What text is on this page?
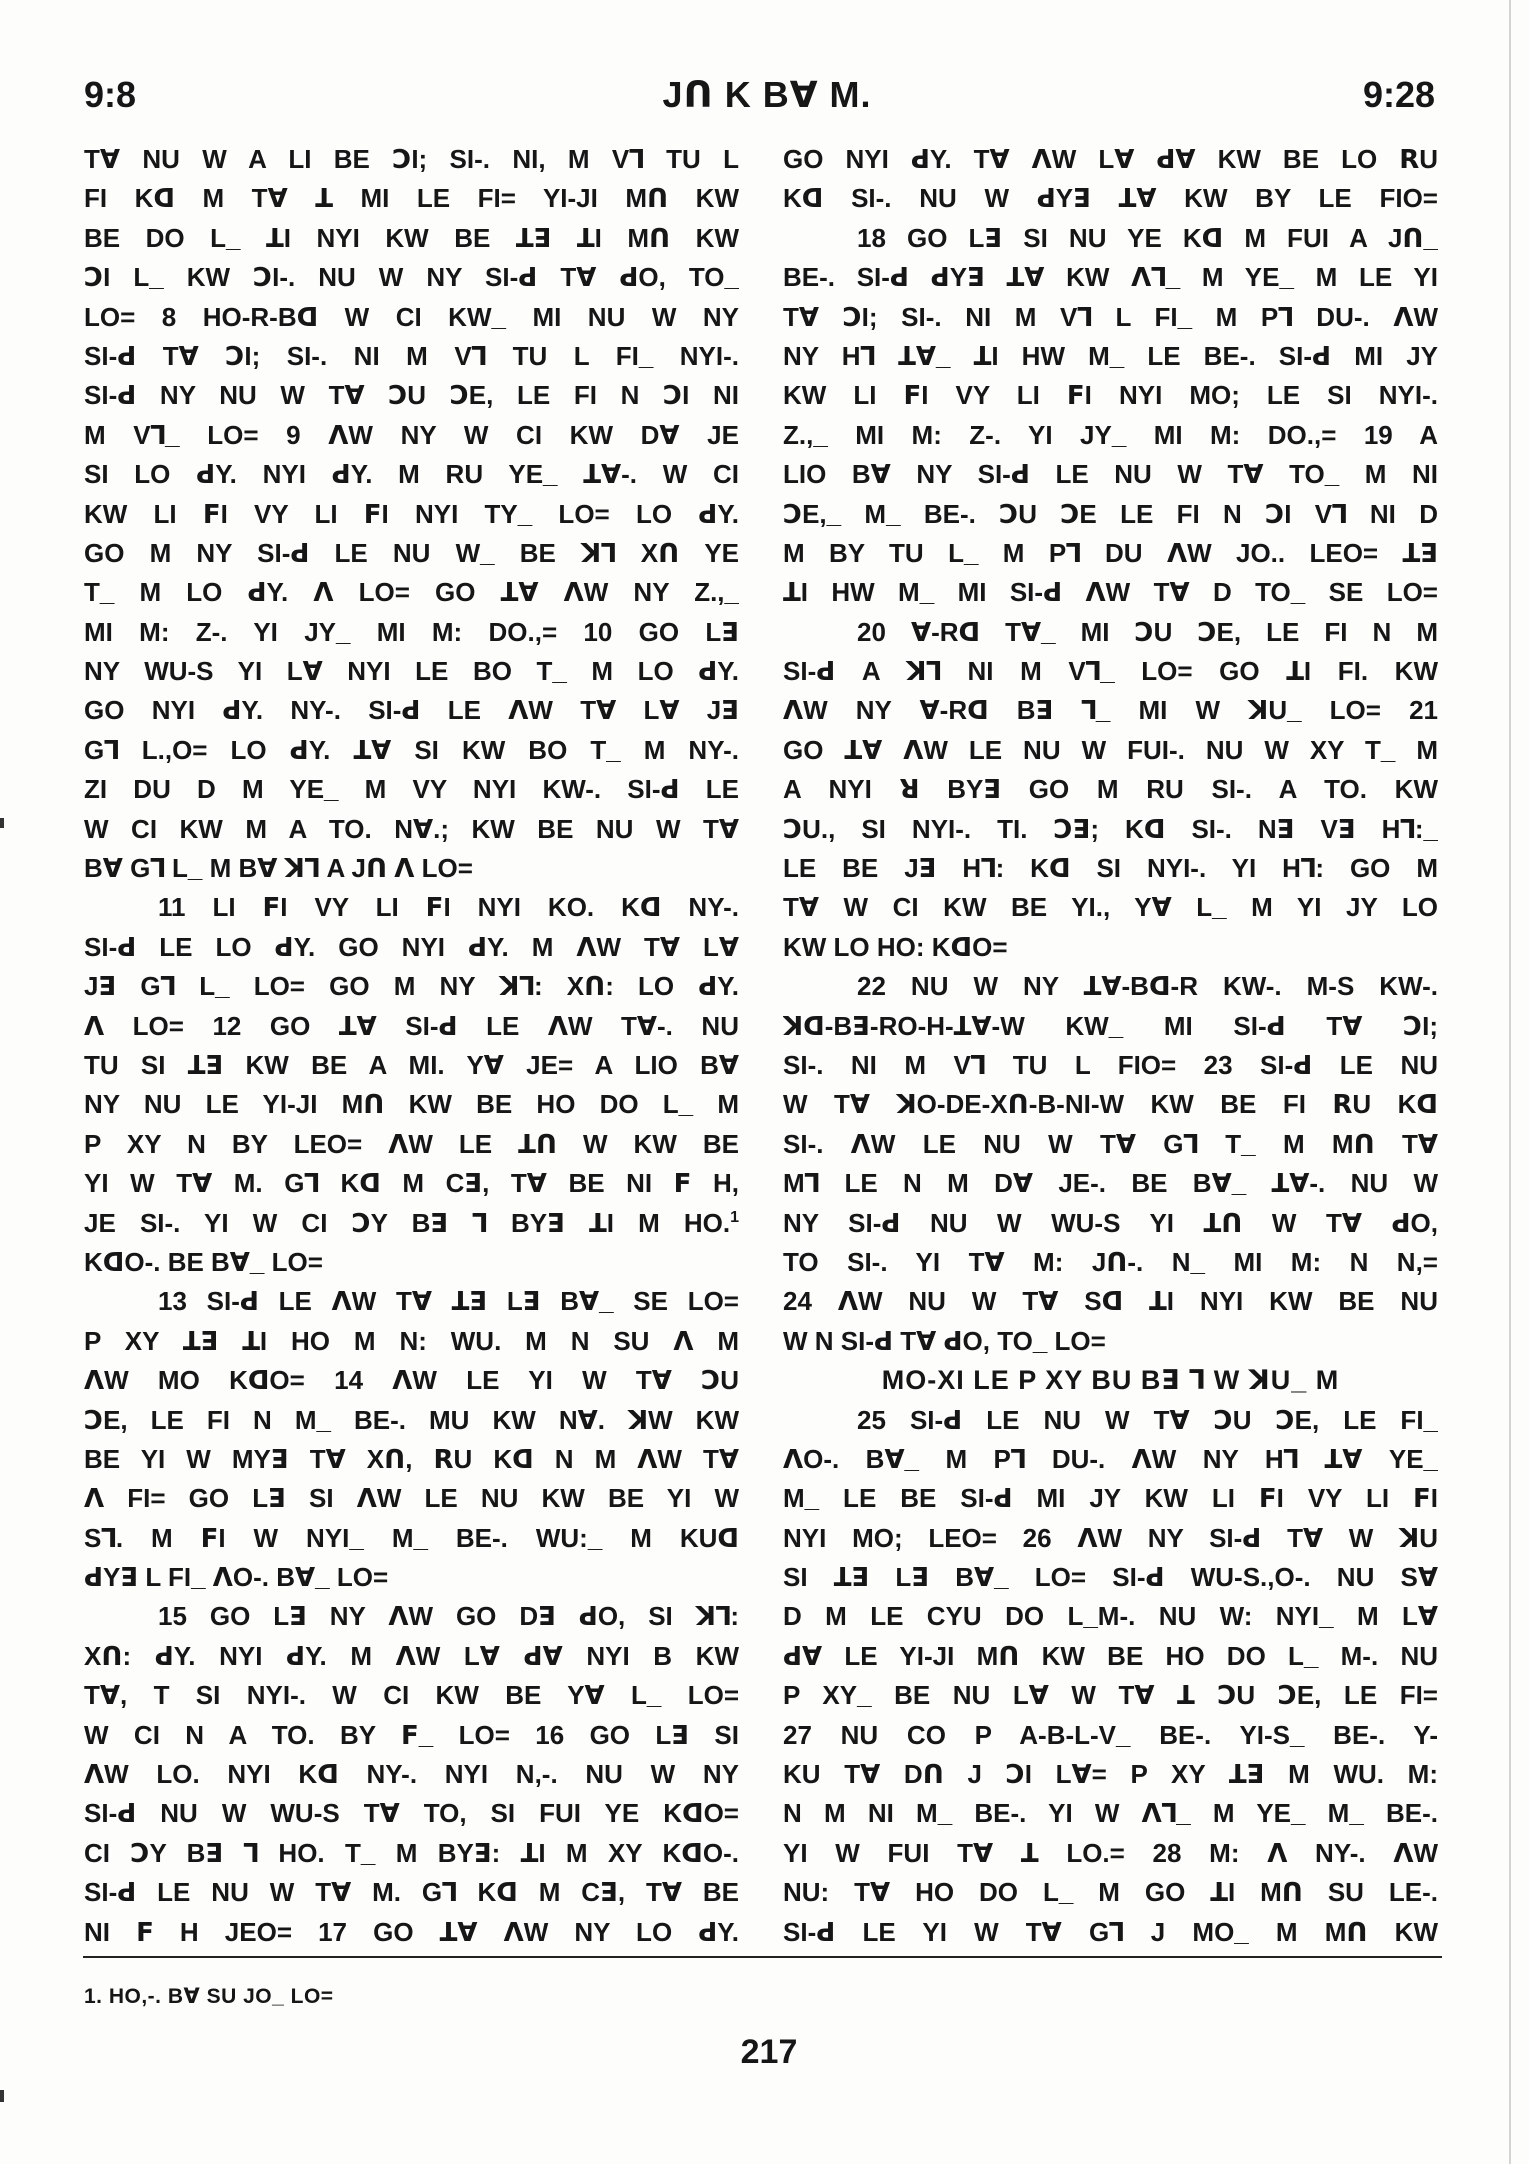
9:8	Jꓵ K Bꓯ M.	9:28
Tꓯ NU W A LI BE ꓛI; SI-. NI, M Vꓶ TU L
FI Kꓷ M Tꓯ ꓕ MI LE FI= YI-JI Mꓵ KW
BE DO L_ ꓕI NYI KW BE ꓕꓱ ꓕI Mꓵ KW
ꓛI L_ KW ꓛI-. NU W NY SI-ꓒ Tꓯ ꓒO, TO_
LO= 8 HO-R-Bꓷ W CI KW_ MI NU W NY
SI-ꓒ Tꓯ ꓛI; SI-. NI M Vꓶ TU L FI_ NYI-.
SI-ꓒ NY NU W Tꓯ ꓛU ꓛE, LE FI N ꓛI NI
M Vꓶ_ LO= 9 ꓥW NY W CI KW Dꓯ JE
SI LO ꓒY. NYI ꓒY. M RU YE_ ꓕꓯ-. W CI
KW LI ꓝI VY LI ꓝI NYI TY_ LO= LO ꓒY.
GO M NY SI-ꓒ LE NU W_ BE ꓘꓶ Xꓵ YE
T_ M LO ꓒY. ꓥ LO= GO ꓕꓯ ꓥW NY Z.,_
MI M: Z-. YI JY_ MI M: DO.,= 10 GO Lꓱ
NY WU-S YI Lꓯ NYI LE BO T_ M LO ꓒY.
GO NYI ꓒY. NY-. SI-ꓒ LE ꓥW Tꓯ Lꓯ Jꓱ
Gꓶ L.,O= LO ꓒY. ꓕꓯ SI KW BO T_ M NY-.
ZI DU D M YE_ M VY NYI KW-. SI-ꓒ LE
W CI KW M A TO. Nꓯ.; KW BE NU W Tꓯ
Bꓯ Gꓶ L_ M Bꓯ ꓘꓶ A Jꓵ ꓥ LO=
11 LI ꓝI VY LI ꓝI NYI KO. Kꓷ NY-.
SI-ꓒ LE LO ꓒY. GO NYI ꓒY. M ꓥW Tꓯ Lꓯ
Jꓱ Gꓶ L_ LO= GO M NY ꓘꓶ: Xꓵ: LO ꓒY.
ꓥ LO= 12 GO ꓕꓯ SI-ꓒ LE ꓥW Tꓯ-. NU
TU SI ꓕꓱ KW BE A MI. Yꓯ JE= A LIO Bꓯ
NY NU LE YI-JI Mꓵ KW BE HO DO L_ M
P XY N BY LEO= ꓥW LE ꓕꓵ W KW BE
YI W Tꓯ M. Gꓶ Kꓷ M Cꓱ, Tꓯ BE NI ꓝ H,
JE SI-. YI W CI ꓛY Bꓱ ꓶ BYꓱ ꓕI M HO.$^1$
KꓷO-. BE Bꓯ_ LO=
13 SI-ꓒ LE ꓥW Tꓯ ꓕꓱ Lꓱ Bꓯ_ SE LO=
P XY ꓕꓱ ꓕI HO M N: WU. M N SU ꓥ M
ꓥW MO KꓷO= 14 ꓥW LE YI W Tꓯ ꓛU
ꓛE, LE FI N M_ BE-. MU KW Nꓯ. ꓘW KW
BE YI W MYꓱ Tꓯ Xꓵ, ꓣU Kꓷ N M ꓥW Tꓯ
ꓥ FI= GO Lꓱ SI ꓥW LE NU KW BE YI W
Sꓶ. M ꓝI W NYI_ M_ BE-. WU:_ M KUꓷ
ꓒYꓱ L FI_ ꓥO-. Bꓯ_ LO=
15 GO Lꓱ NY ꓥW GO Dꓱ ꓒO, SI ꓘꓶ:
Xꓵ: ꓒY. NYI ꓒY. M ꓥW Lꓯ ꓒꓯ NYI B KW
Tꓯ, T SI NYI-. W CI KW BE Yꓯ L_ LO=
W CI N A TO. BY ꓝ_ LO= 16 GO Lꓱ SI
ꓥW LO. NYI Kꓷ NY-. NYI N,-. NU W NY
SI-ꓒ NU W WU-S Tꓯ TO, SI FUI YE KꓷO=
CI ꓛY Bꓱ ꓶ HO. T_ M BYꓱ: ꓕI M XY KꓷO-.
SI-ꓒ LE NU W Tꓯ M. Gꓶ Kꓷ M Cꓱ, Tꓯ BE
NI ꓝ H JEO= 17 GO ꓕꓯ ꓥW NY LO ꓒY.
GO NYI ꓒY. Tꓯ ꓥW Lꓯ ꓒꓯ KW BE LO ꓣU
Kꓷ SI-. NU W ꓒYꓱ ꓕꓯ KW BY LE FIO=
18 GO Lꓱ SI NU YE Kꓷ M FUI A Jꓵ_
BE-. SI-ꓒ ꓒYꓱ ꓕꓯ KW ꓥꓶ_ M YE_ M LE YI
Tꓯ ꓛI; SI-. NI M Vꓶ L FI_ M Pꓶ DU-. ꓥW
NY Hꓶ ꓕꓯ_ ꓕI HW M_ LE BE-. SI-ꓒ MI JY
KW LI ꓝI VY LI ꓝI NYI MO; LE SI NYI-.
Z.,_ MI M: Z-. YI JY_ MI M: DO.,= 19 A
LIO Bꓯ NY SI-ꓒ LE NU W Tꓯ TO_ M NI
ꓛE,_ M_ BE-. ꓛU ꓛE LE FI N ꓛI Vꓶ NI D
M BY TU L_ M Pꓶ DU ꓥW JO.. LEO= ꓕꓱ
ꓕI HW M_ MI SI-ꓒ ꓥW Tꓯ D TO_ SE LO=
20 ꓯ-Rꓷ Tꓯ_ MI ꓛU ꓛE, LE FI N M
SI-ꓒ A ꓘꓶ NI M Vꓶ_ LO= GO ꓕI FI. KW
ꓥW NY ꓯ-Rꓷ Bꓱ ꓶ_ MI W ꓘU_ LO= 21
GO ꓕꓯ ꓥW LE NU W FUI-. NU W XY T_ M
A NYI ꓤ BYꓱ GO M RU SI-. A TO. KW
ꓛU., SI NYI-. TI. ꓛꓱ; Kꓷ SI-. Nꓱ Vꓱ Hꓶ:_
LE BE Jꓱ Hꓶ: Kꓷ SI NYI-. YI Hꓶ: GO M
Tꓯ W CI KW BE YI., Yꓯ L_ M YI JY LO
KW LO HO: KꓷO=
22 NU W NY ꓕꓯ-Bꓷ-R KW-. M-S KW-.
ꓘꓷ-Bꓱ-RO-H-ꓕꓯ-W KW_ MI SI-ꓒ Tꓯ ꓛI;
SI-. NI M Vꓶ TU L FIO= 23 SI-ꓒ LE NU
W Tꓯ ꓘO-DE-Xꓵ-B-NI-W KW BE FI ꓣU Kꓷ
SI-. ꓥW LE NU W Tꓯ Gꓶ T_ M Mꓵ Tꓯ
Mꓶ LE N M Dꓯ JE-. BE Bꓯ_ ꓕꓯ-. NU W
NY SI-ꓒ NU W WU-S YI ꓕꓵ W Tꓯ ꓒO,
TO SI-. YI Tꓯ M: Jꓵ-. N_ MI M: N N,=
24 ꓥW NU W Tꓯ Sꓷ ꓕI NYI KW BE NU
W N SI-ꓒ Tꓯ ꓒO, TO_ LO=
MO-XI LE P XY BU Bꓱ ꓶ W ꓘU_ M
25 SI-ꓒ LE NU W Tꓯ ꓛU ꓛE, LE FI_
ꓥO-. Bꓯ_ M Pꓶ DU-. ꓥW NY Hꓶ ꓕꓯ YE_
M_ LE BE SI-ꓒ MI JY KW LI ꓝI VY LI ꓝI
NYI MO; LEO= 26 ꓥW NY SI-ꓒ Tꓯ W ꓘU
SI ꓕꓱ Lꓱ Bꓯ_ LO= SI-ꓒ WU-S.,O-. NU Sꓯ
D M LE CYU DO L_M-. NU W: NYI_ M Lꓯ
ꓒꓯ LE YI-JI Mꓵ KW BE HO DO L_ M-. NU
P XY_ BE NU Lꓯ W Tꓯ ꓕ ꓛU ꓛE, LE FI=
27 NU CO P A-B-L-V_ BE-. YI-S_ BE-. Y-
KU Tꓯ Dꓵ J ꓛI Lꓯ= P XY ꓕꓱ M WU. M:
N M NI M_ BE-. YI W ꓥꓶ_ M YE_ M_ BE-.
YI W FUI Tꓯ ꓕ LO.= 28 M: ꓥ NY-. ꓥW
NU: Tꓯ HO DO L_ M GO ꓕI Mꓵ SU LE-.
SI-ꓒ LE YI W Tꓯ Gꓶ J MO_ M Mꓵ KW
1. HO,-. Bꓯ SU JO_ LO=
217
